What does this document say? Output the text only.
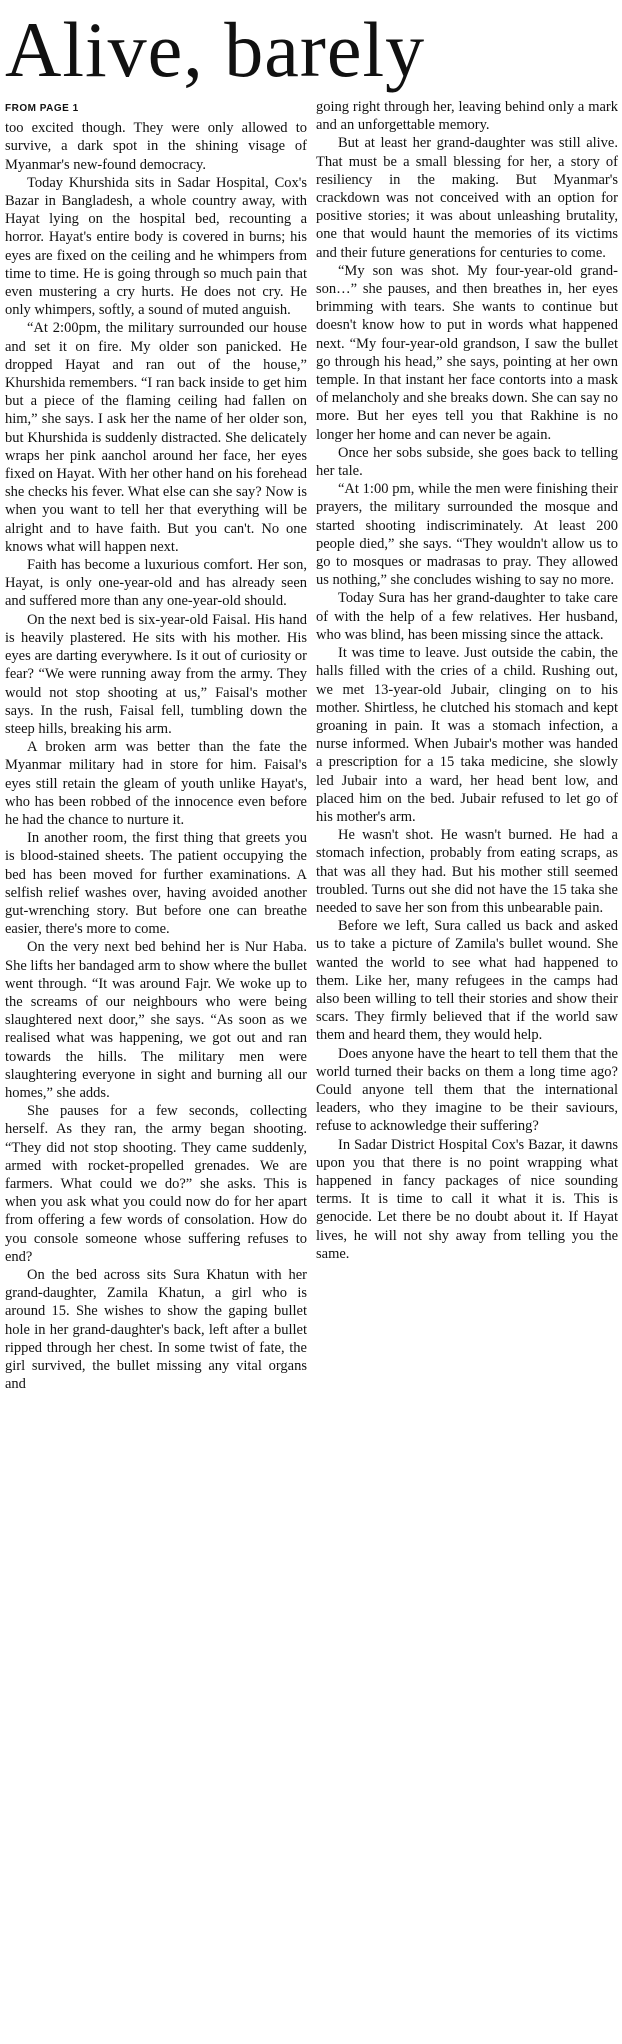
Alive, barely
FROM PAGE 1

too excited though. They were only allowed to survive, a dark spot in the shining visage of Myanmar's new-found democracy.

Today Khurshida sits in Sadar Hospital, Cox's Bazar in Bangladesh, a whole country away, with Hayat lying on the hospital bed, recounting a horror. Hayat's entire body is covered in burns; his eyes are fixed on the ceiling and he whimpers from time to time. He is going through so much pain that even mustering a cry hurts. He does not cry. He only whimpers, softly, a sound of muted anguish.

“At 2:00pm, the military surrounded our house and set it on fire. My older son panicked. He dropped Hayat and ran out of the house,” Khurshida remembers. “I ran back inside to get him but a piece of the flaming ceiling had fallen on him,” she says. I ask her the name of her older son, but Khurshida is suddenly distracted. She delicately wraps her pink aanchol around her face, her eyes fixed on Hayat. With her other hand on his forehead she checks his fever. What else can she say? Now is when you want to tell her that everything will be alright and to have faith. But you can't. No one knows what will happen next.

Faith has become a luxurious comfort. Her son, Hayat, is only one-year-old and has already seen and suffered more than any one-year-old should.

On the next bed is six-year-old Faisal. His hand is heavily plastered. He sits with his mother. His eyes are darting everywhere. Is it out of curiosity or fear? “We were running away from the army. They would not stop shooting at us,” Faisal's mother says. In the rush, Faisal fell, tumbling down the steep hills, breaking his arm.

A broken arm was better than the fate the Myanmar military had in store for him. Faisal's eyes still retain the gleam of youth unlike Hayat's, who has been robbed of the innocence even before he had the chance to nurture it.

In another room, the first thing that greets you is blood-stained sheets. The patient occupying the bed has been moved for further examinations. A selfish relief washes over, having avoided another gut-wrenching story. But before one can breathe easier, there's more to come.

On the very next bed behind her is Nur Haba. She lifts her bandaged arm to show where the bullet went through. “It was around Fajr. We woke up to the screams of our neighbours who were being slaughtered next door,” she says. “As soon as we realised what was happening, we got out and ran towards the hills. The military men were slaughtering everyone in sight and burning all our homes,” she adds.

She pauses for a few seconds, collecting herself. As they ran, the army began shooting. “They did not stop shooting. They came suddenly, armed with rocket-propelled grenades. We are farmers. What could we do?” she asks. This is when you ask what you could now do for her apart from offering a few words of consolation. How do you console someone whose suffering refuses to end?

On the bed across sits Sura Khatun with her grand-daughter, Zamila Khatun, a girl who is around 15. She wishes to show the gaping bullet hole in her grand-daughter's back, left after a bullet ripped through her chest. In some twist of fate, the girl survived, the bullet missing any vital organs and

going right through her, leaving behind only a mark and an unforgettable memory.

But at least her grand-daughter was still alive. That must be a small blessing for her, a story of resiliency in the making. But Myanmar's crackdown was not conceived with an option for positive stories; it was about unleashing brutality, one that would haunt the memories of its victims and their future generations for centuries to come.

“My son was shot. My four-year-old grand-son…” she pauses, and then breathes in, her eyes brimming with tears. She wants to continue but doesn't know how to put in words what happened next. “My four-year-old grandson, I saw the bullet go through his head,” she says, pointing at her own temple. In that instant her face contorts into a mask of melancholy and she breaks down. She can say no more. But her eyes tell you that Rakhine is no longer her home and can never be again.

Once her sobs subside, she goes back to telling her tale.

“At 1:00 pm, while the men were finishing their prayers, the military surrounded the mosque and started shooting indiscriminately. At least 200 people died,” she says. “They wouldn't allow us to go to mosques or madrasas to pray. They allowed us nothing,” she concludes wishing to say no more.

Today Sura has her grand-daughter to take care of with the help of a few relatives. Her husband, who was blind, has been missing since the attack.

It was time to leave. Just outside the cabin, the halls filled with the cries of a child. Rushing out, we met 13-year-old Jubair, clinging on to his mother. Shirtless, he clutched his stomach and kept groaning in pain. It was a stomach infection, a nurse informed. When Jubair's mother was handed a prescription for a 15 taka medicine, she slowly led Jubair into a ward, her head bent low, and placed him on the bed. Jubair refused to let go of his mother's arm.

He wasn't shot. He wasn't burned. He had a stomach infection, probably from eating scraps, as that was all they had. But his mother still seemed troubled. Turns out she did not have the 15 taka she needed to save her son from this unbearable pain.

Before we left, Sura called us back and asked us to take a picture of Zamila's bullet wound. She wanted the world to see what had happened to them. Like her, many refugees in the camps had also been willing to tell their stories and show their scars. They firmly believed that if the world saw them and heard them, they would help.

Does anyone have the heart to tell them that the world turned their backs on them a long time ago? Could anyone tell them that the international leaders, who they imagine to be their saviours, refuse to acknowledge their suffering?

In Sadar District Hospital Cox's Bazar, it dawns upon you that there is no point wrapping what happened in fancy packages of nice sounding terms. It is time to call it what it is. This is genocide. Let there be no doubt about it. If Hayat lives, he will not shy away from telling you the same.
